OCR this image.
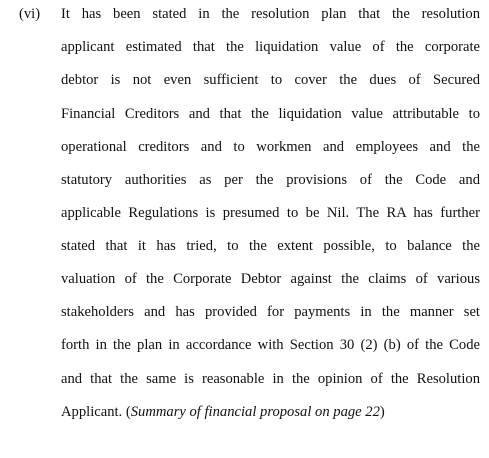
(vi) It has been stated in the resolution plan that the resolution
applicant estimated that the liquidation value of the corporate
debtor is not even sufficient to cover the dues of Secured
Financial Creditors and that the liquidation value attributable to
operational creditors and to workmen and employees and the
statutory authorities as per the provisions of the Code and
applicable Regulations is presumed to be Nil. The RA has further
stated that it has tried, to the extent possible, to balance the
valuation of the Corporate Debtor against the claims of various
stakeholders and has provided for payments in the manner set
forth in the plan in accordance with Section 30 (2) (b) of the Code
and that the same is reasonable in the opinion of the Resolution
Applicant. (Summary of financial proposal on page 22)
